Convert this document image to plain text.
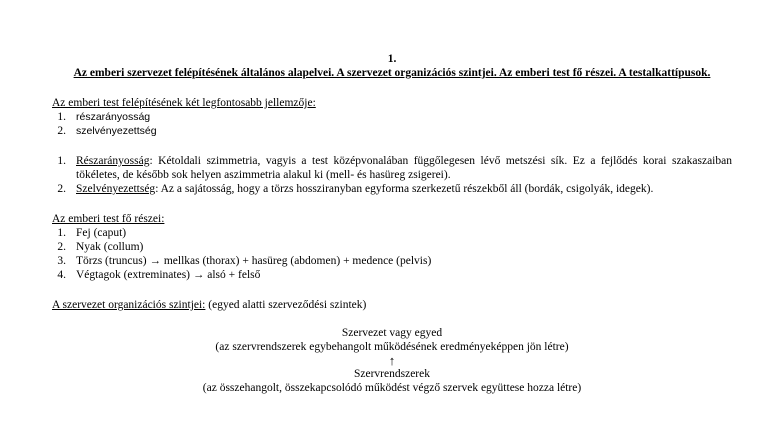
1.
Az emberi szervezet felépítésének általános alapelvei. A szervezet organizációs szintjei. Az emberi test fő részei. A testalkattípusok.
Az emberi test felépítésének két legfontosabb jellemzője:
1. részarányosság
2. szelvényezettség
1. Részarányosság: Kétoldali szimmetria, vagyis a test középvonalában függőlegesen lévő metszési sík. Ez a fejlődés korai szakaszaiban tökéletes, de később sok helyen aszimmetria alakul ki (mell- és hasüreg zsigerei).
2. Szelvényezettség: Az a sajátosság, hogy a törzs hossziranyban egyforma szerkezetű részekből áll (bordák, csigolyák, idegek).
Az emberi test fő részei:
1. Fej (caput)
2. Nyak (collum)
3. Törzs (truncus) → mellkas (thorax) + hasüreg (abdomen) + medence (pelvis)
4. Végtagok (extreminates) → alsó + felső
A szervezet organizációs szintjei: (egyed alatti szerveződési szintek)
Szervezet vagy egyed
(az szervrendszerek egybehangolt működésének eredményeképpen jön létre)
↑
Szervrendszerek
(az összehangolt, összekapcsolódó működést végző szervek együttese hozza létre)
